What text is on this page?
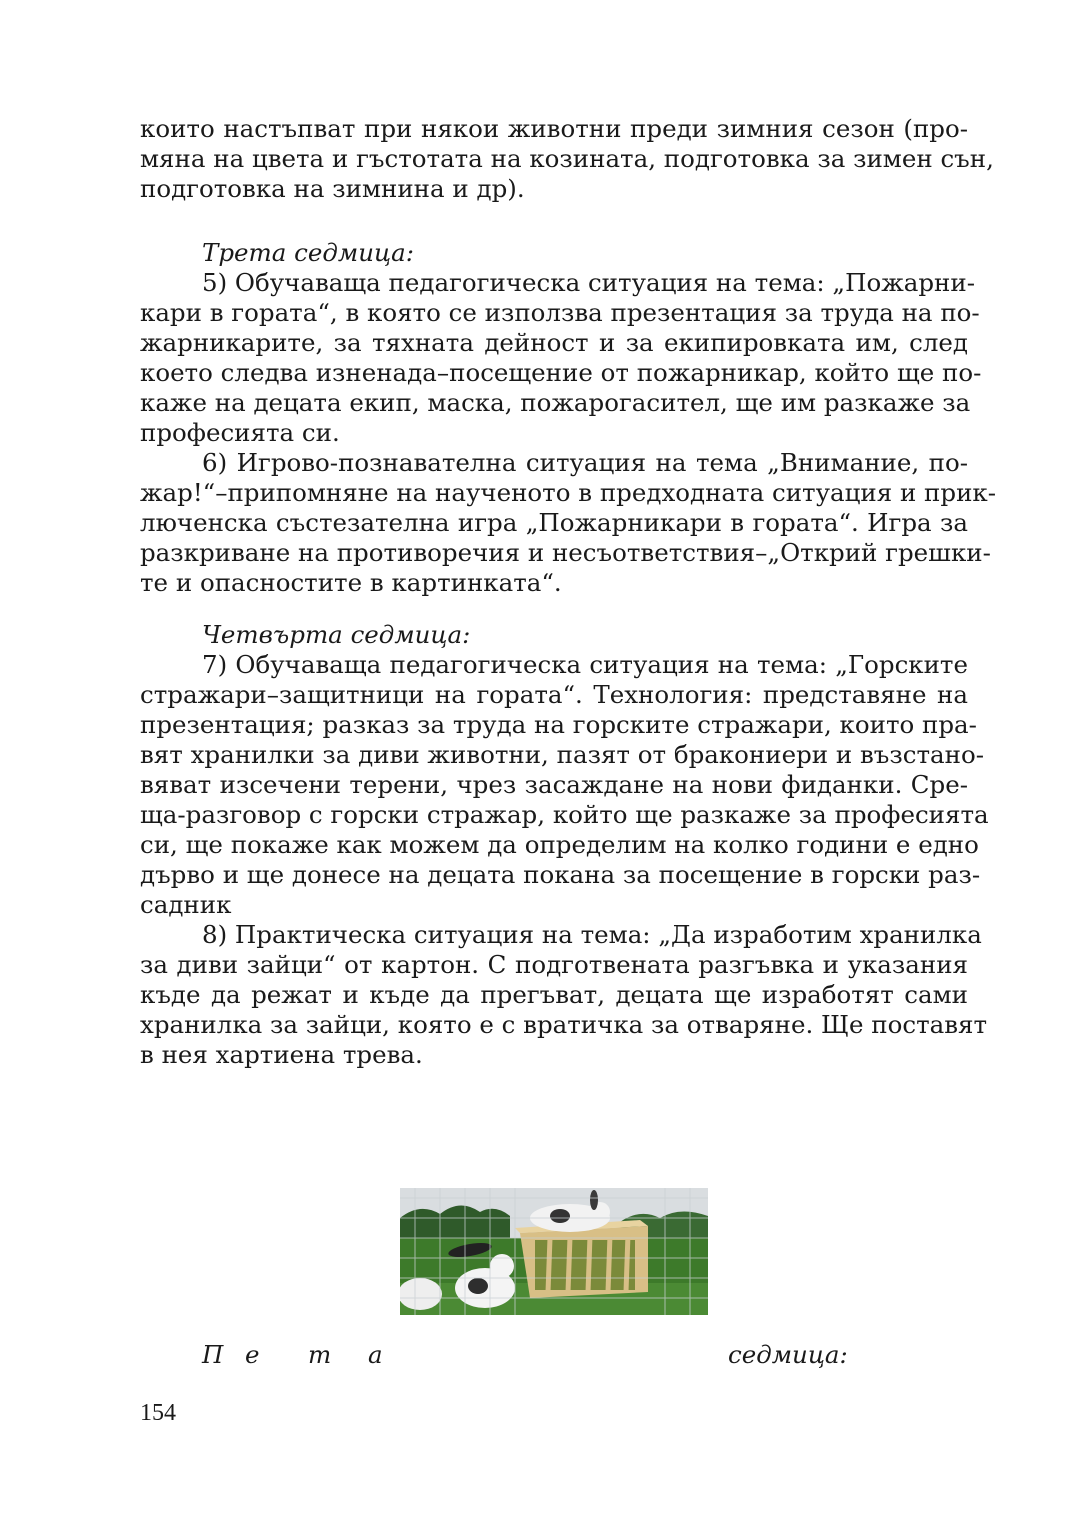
които настъпват при някои животни преди зимния сезон (про-
мяна на цвета и гъстотата на козината, подготовка за зимен сън,
подготовка на зимнина и др).
Трета седмица:
5) Обучаваща педагогическа ситуация на тема: „Пожарни-
кари в гората“, в която се използва презентация за труда на по-
жарникарите, за тяхната дейност и за екипировката им, след
което следва изненада–посещение от пожарникар, който ще по-
каже на децата екип, маска, пожарогасител, ще им разкаже за
професията си.
6) Игрово-познавателна ситуация на тема „Внимание, по-
жар!“–припомняне на наученото в предходната ситуация и прик-
люченска състезателна игра „Пожарникари в гората“. Игра за
разкриване на противоречия и несъответствия–„Открий грешки-
те и опасностите в картинката“.
Четвърта седмица:
7) Обучаваща педагогическа ситуация на тема: „Горските
стражари–защитници на гората“. Технология: представяне на
презентация; разказ за труда на горските стражари, които пра-
вят хранилки за диви животни, пазят от бракониери и възстано-
вяват изсечени терени, чрез засаждане на нови фиданки. Сре-
ща-разговор с горски стражар, който ще разкаже за професията
си, ще покаже как можем да определим на колко години е едно
дърво и ще донесе на децата покана за посещение в горски раз-
садник
8) Практическа ситуация на тема: „Да изработим хранилка
за диви зайци“ от картон. С подготвената разгъвка и указания
къде да режат и къде да прегъват, децата ще изработят сами
хранилка за зайци, която е с вратичка за отваряне. Ще поставят
в нея хартиена трева.
П е т а	седмица:
154
